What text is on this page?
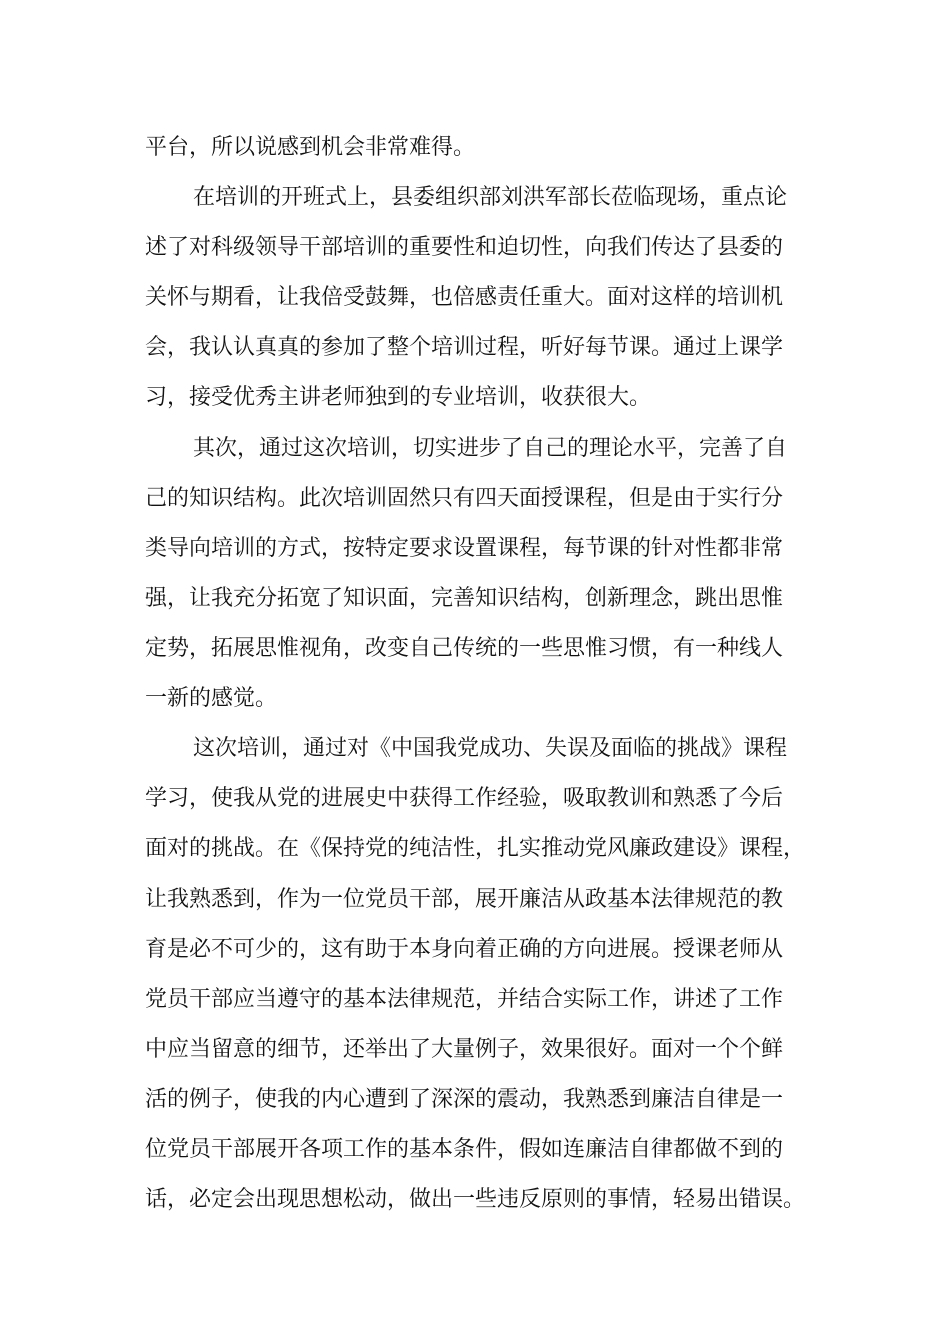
平台，所以说感到机会非常难得。
在培训的开班式上，县委组织部刘洪军部长莅临现场，重点论
述了对科级领导干部培训的重要性和迫切性，向我们传达了县委的
关怀与期看，让我倍受鼓舞，也倍感责任重大。面对这样的培训机
会，我认认真真的参加了整个培训过程，听好每节课。通过上课学
习，接受优秀主讲老师独到的专业培训，收获很大。
其次，通过这次培训，切实进步了自己的理论水平，完善了自
己的知识结构。此次培训固然只有四天面授课程，但是由于实行分
类导向培训的方式，按特定要求设置课程，每节课的针对性都非常
强，让我充分拓宽了知识面，完善知识结构，创新理念，跳出思惟
定势，拓展思惟视角，改变自己传统的一些思惟习惯，有一种线人
一新的感觉。
这次培训，通过对《中国我党成功、失误及面临的挑战》课程
学习，使我从党的进展史中获得工作经验，吸取教训和熟悉了今后
面对的挑战。在《保持党的纯洁性，扎实推动党风廉政建设》课程，
让我熟悉到，作为一位党员干部，展开廉洁从政基本法律规范的教
育是必不可少的，这有助于本身向着正确的方向进展。授课老师从
党员干部应当遵守的基本法律规范，并结合实际工作，讲述了工作
中应当留意的细节，还举出了大量例子，效果很好。面对一个个鲜
活的例子，使我的内心遭到了深深的震动，我熟悉到廉洁自律是一
位党员干部展开各项工作的基本条件，假如连廉洁自律都做不到的
话，必定会出现思想松动，做出一些违反原则的事情，轻易出错误。
